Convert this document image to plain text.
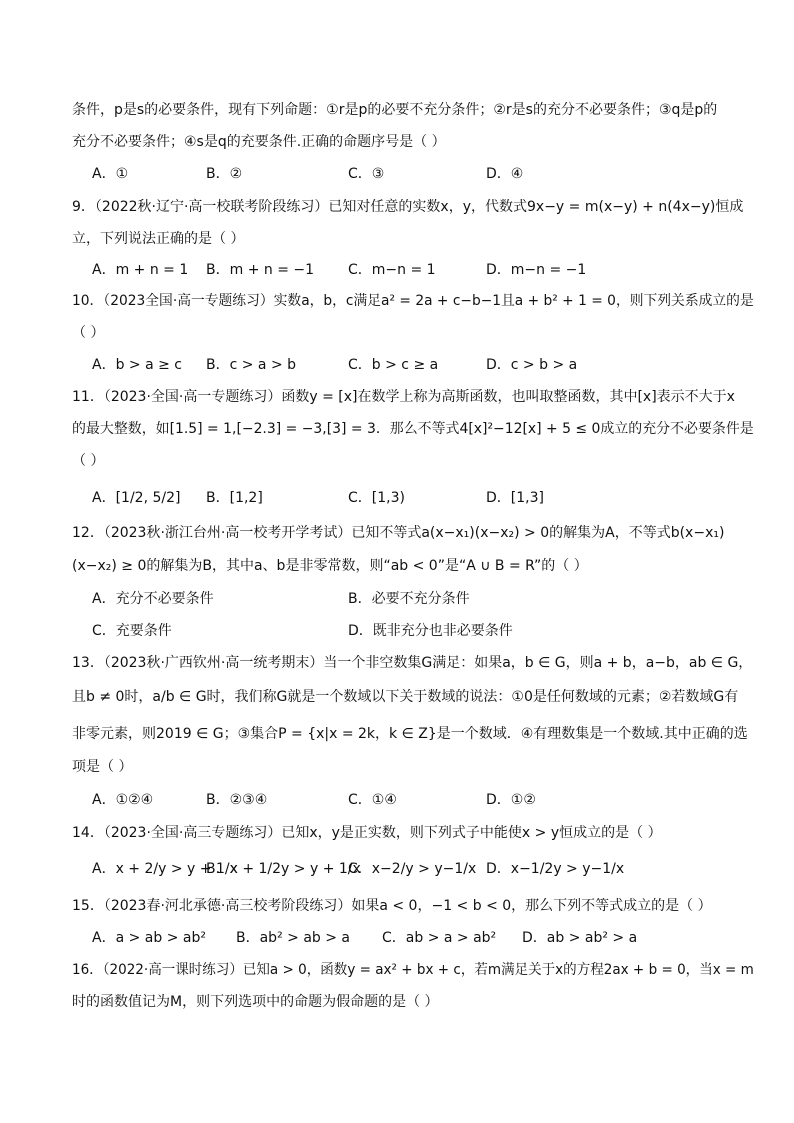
条件，p是s的必要条件，现有下列命题：①r是p的必要不充分条件；②r是s的充分不必要条件；③q是p的
充分不必要条件；④s是q的充要条件.正确的命题序号是（ ）
A．①	B．②	C．③	D．④
9．（2022秋·辽宁·高一校联考阶段练习）已知对任意的实数x，y，代数式9x−y = m(x−y) + n(4x−y)恒成
立，下列说法正确的是（ ）
A．m + n = 1 B．m + n = −1 C．m−n = 1	D．m−n = −1
10．（2023全国·高一专题练习）实数a，b，c满足a² = 2a + c−b−1且a + b² + 1 = 0，则下列关系成立的是
（ ）
A．b > a ≥ c B．c > a > b	C．b > c ≥ a	D．c > b > a
11．（2023·全国·高一专题练习）函数y = [x]在数学上称为高斯函数，也叫取整函数，其中[x]表示不大于x
的最大整数，如[1.5] = 1,[−2.3] = −3,[3] = 3．那么不等式4[x]²−12[x] + 5 ≤ 0成立的充分不必要条件是
（ ）
A．[1/2, 5/2] B．[1,2]	C．[1,3)	D．[1,3]
12．（2023秋·浙江台州·高一校考开学考试）已知不等式a(x−x₁)(x−x₂) > 0的解集为A，不等式b(x−x₁)
(x−x₂) ≥ 0的解集为B，其中a、b是非零常数，则“ab < 0”是“A ∪ B = R”的（ ）
A．充分不必要条件	B．必要不充分条件
C．充要条件	D．既非充分也非必要条件
13．（2023秋·广西钦州·高一统考期末）当一个非空数集G满足：如果a，b ∈ G，则a + b，a−b，ab ∈ G，
且b ≠ 0时，a/b ∈ G时，我们称G就是一个数域以下关于数域的说法：①0是任何数域的元素；②若数域G有
非零元素，则2019 ∈ G；③集合P = {x|x = 2k，k ∈ Z}是一个数域．④有理数集是一个数域.其中正确的选
项是（ ）
A．①②④	B．②③④	C．①④	D．①②
14．（2023·全国·高三专题练习）已知x，y是正实数，则下列式子中能使x > y恒成立的是（ ）
A．x + 2/y > y + 1/x
B．x + 1/2y > y + 1/x
C．x−2/y > y−1/x D．x−1/2y > y−1/x
15．（2023春·河北承德·高三校考阶段练习）如果a < 0，−1 < b < 0，那么下列不等式成立的是（ ）
A．a > ab > ab² B．ab² > ab > a C．ab > a > ab² D．ab > ab² > a
16．（2022·高一课时练习）已知a > 0，函数y = ax² + bx + c，若m满足关于x的方程2ax + b = 0，当x = m
时的函数值记为M，则下列选项中的命题为假命题的是（ ）
